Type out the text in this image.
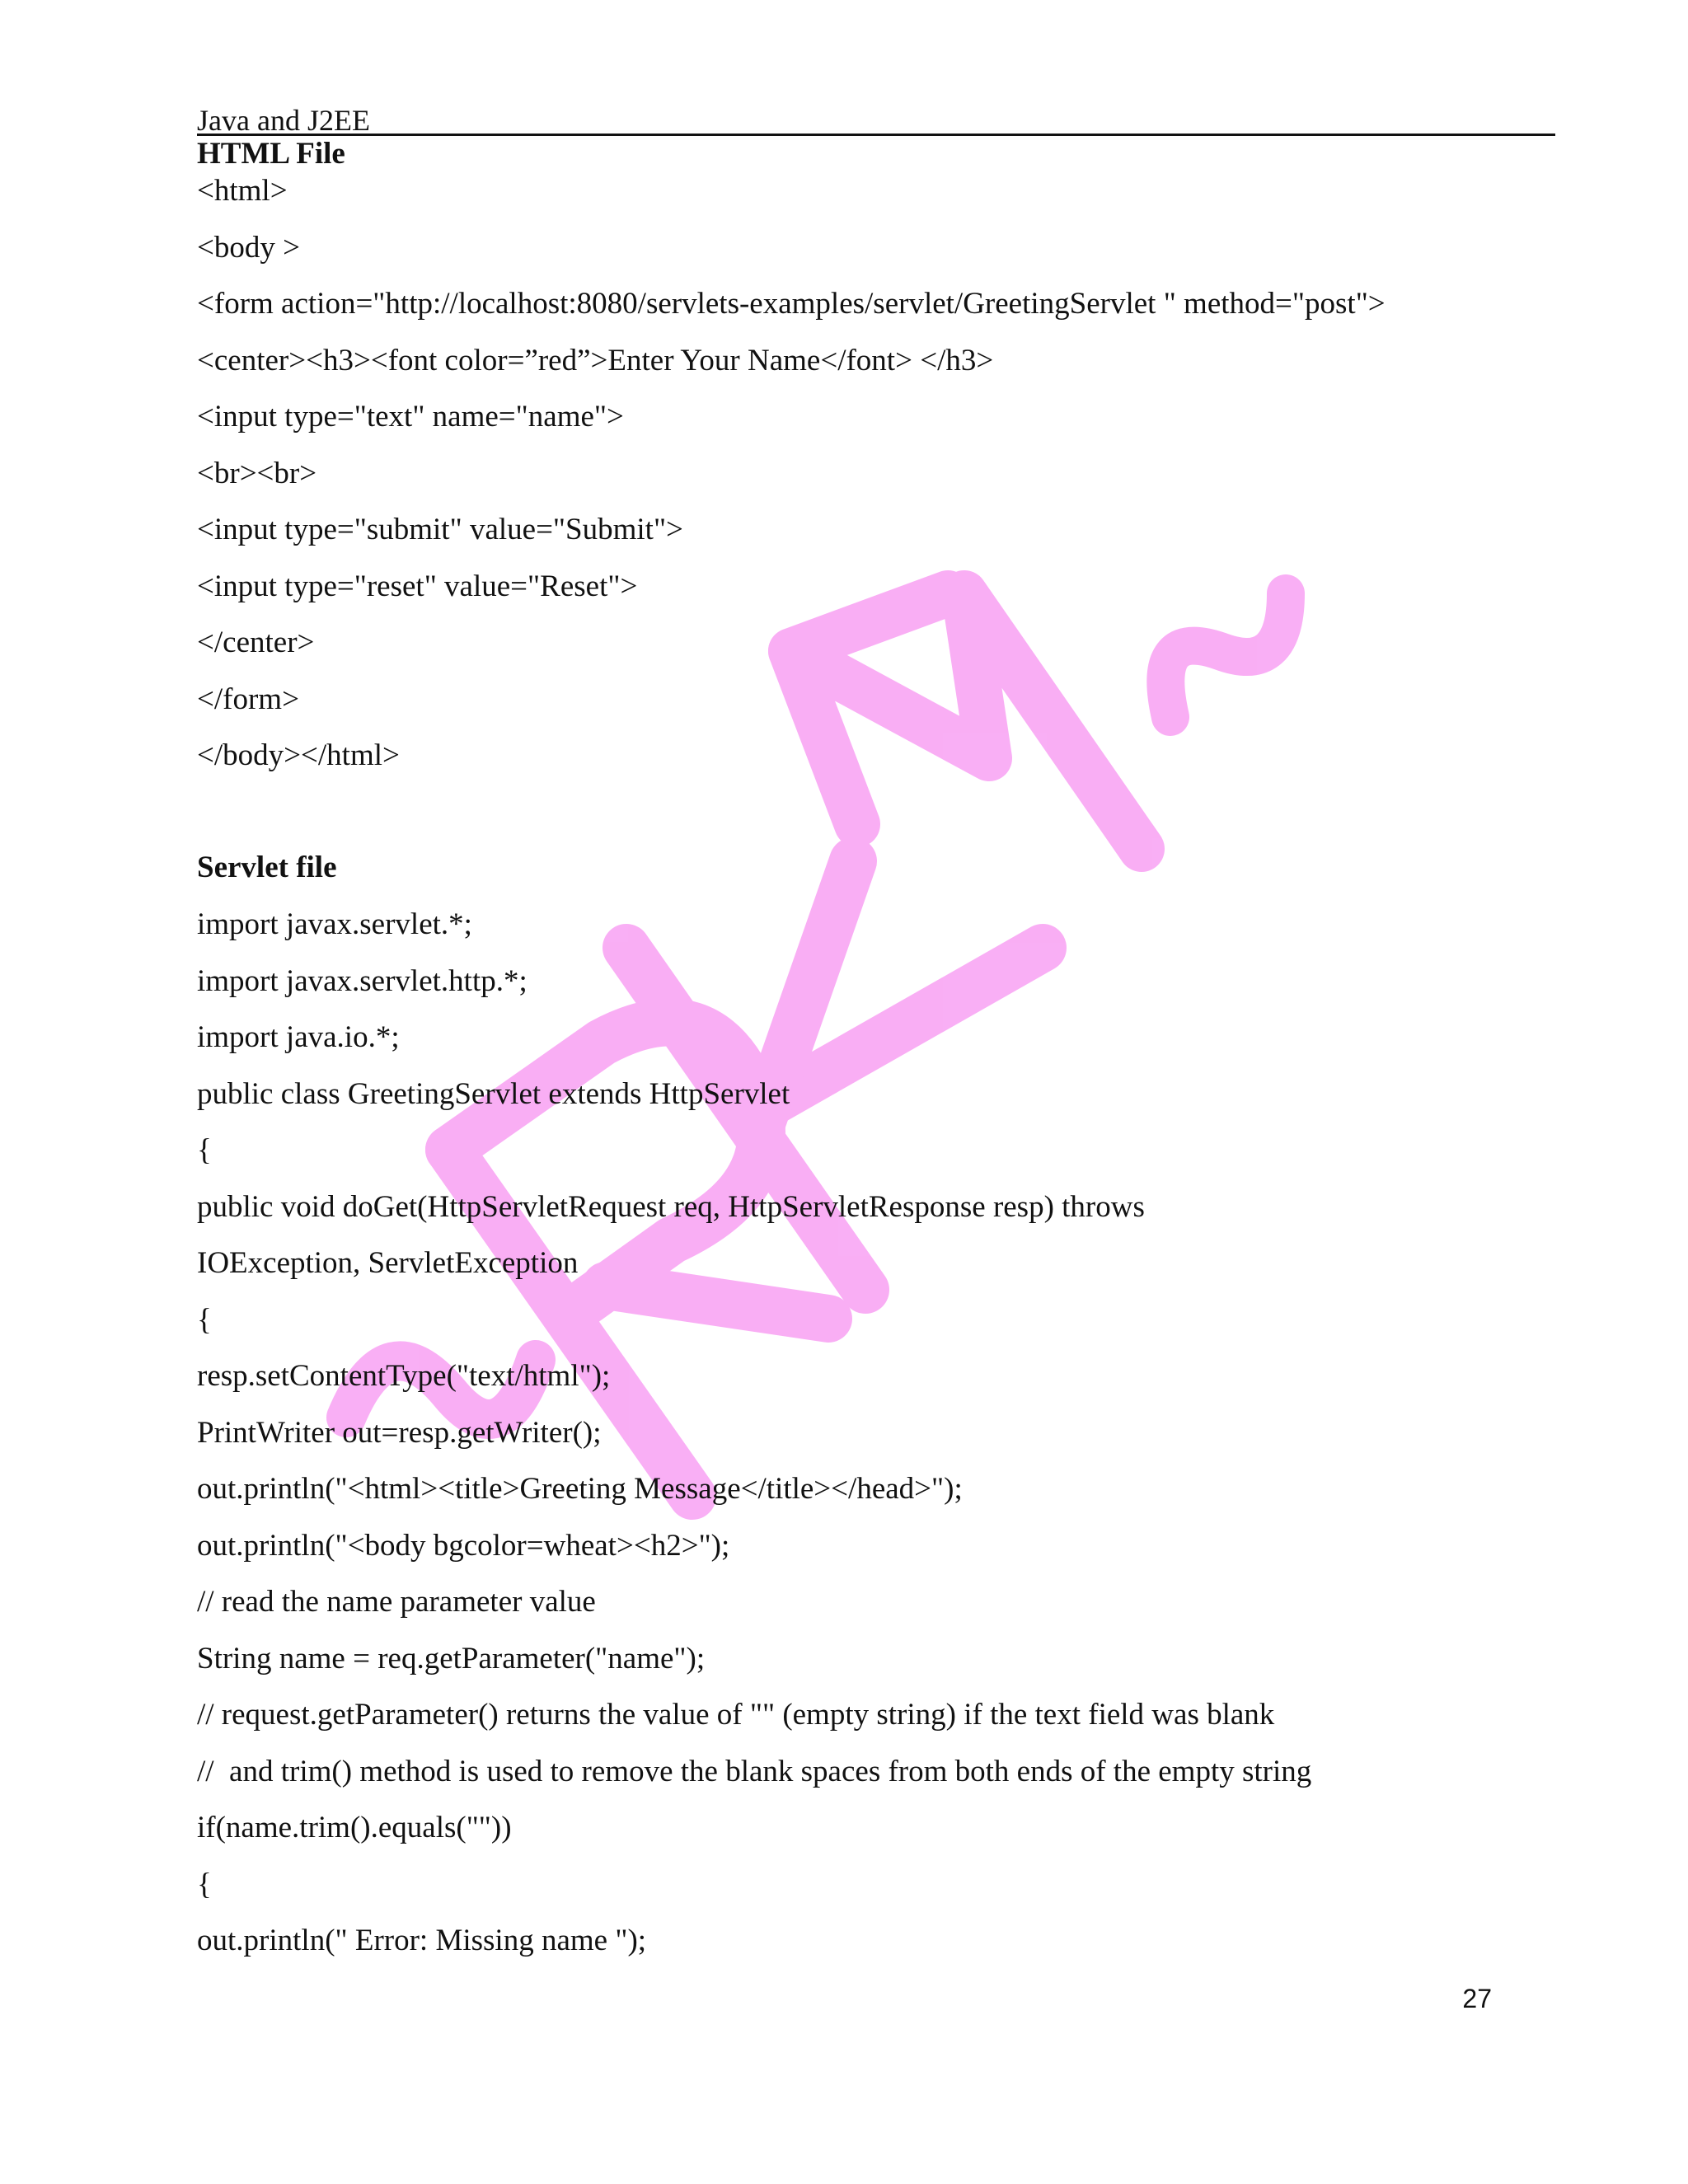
Java and J2EE
HTML File
<html>
<body >
<form action="http://localhost:8080/servlets-examples/servlet/GreetingServlet " method="post">
<center><h3><font color=”red”>Enter Your Name</font> </h3>
<input type="text" name="name">
<br><br>
<input type="submit" value="Submit">
<input type="reset" value="Reset">
</center>
</form>
</body></html>
Servlet file
import javax.servlet.*;
import javax.servlet.http.*;
import java.io.*;
public class GreetingServlet extends HttpServlet
{
public void doGet(HttpServletRequest req, HttpServletResponse resp) throws
IOException, ServletException
{
resp.setContentType("text/html");
PrintWriter out=resp.getWriter();
out.println("<html><title>Greeting Message</title></head>");
out.println("<body bgcolor=wheat><h2>");
// read the name parameter value
String name = req.getParameter("name");
// request.getParameter() returns the value of "" (empty string) if the text field was blank
//  and trim() method is used to remove the blank spaces from both ends of the empty string
if(name.trim().equals(""))
{
out.println(" Error: Missing name ");
27
